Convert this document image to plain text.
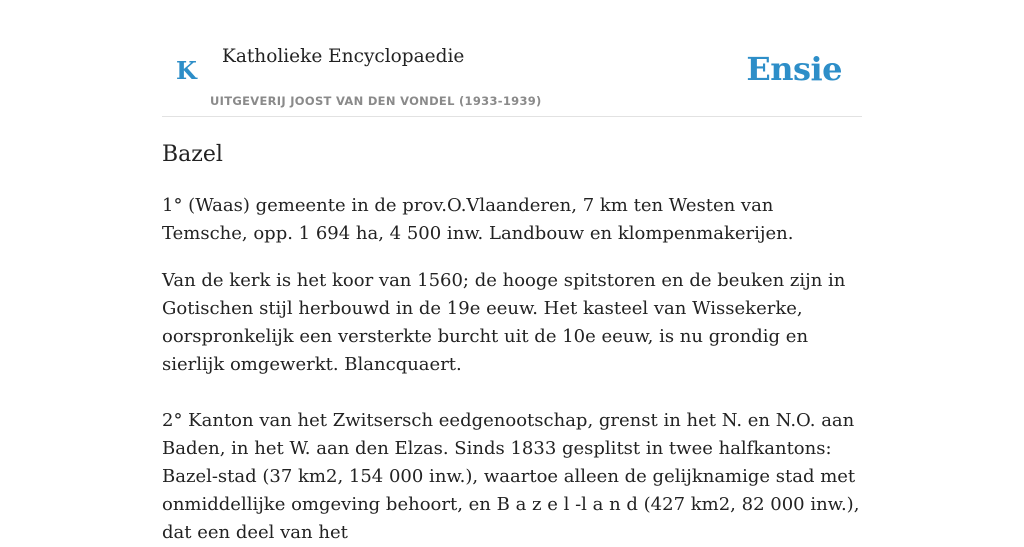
K Katholieke Encyclopaedie
UITGEVERIJ JOOST VAN DEN VONDEL (1933-1939)
Ensie
Bazel

1° (Waas) gemeente in de prov.O.Vlaanderen, 7 km ten Westen van Temsche, opp. 1 694 ha, 4 500 inw. Landbouw en klompenmakerijen.

Van de kerk is het koor van 1560; de hooge spitstoren en de beuken zijn in Gotischen stijl herbouwd in de 19e eeuw. Het kasteel van Wissekerke, oorspronkelijk een versterkte burcht uit de 10e eeuw, is nu grondig en sierlijk omgewerkt. Blancquaert.

2° Kanton van het Zwitsersch eedgenootschap, grenst in het N. en N.O. aan Baden, in het W. aan den Elzas. Sinds 1833 gesplitst in twee halfkantons: Bazel-stad (37 km2, 154 000 inw.), waartoe alleen de gelijknamige stad met onmiddellijke omgeving behoort, en B a z e l -l a n d (427 km2, 82 000 inw.), dat een deel van het
